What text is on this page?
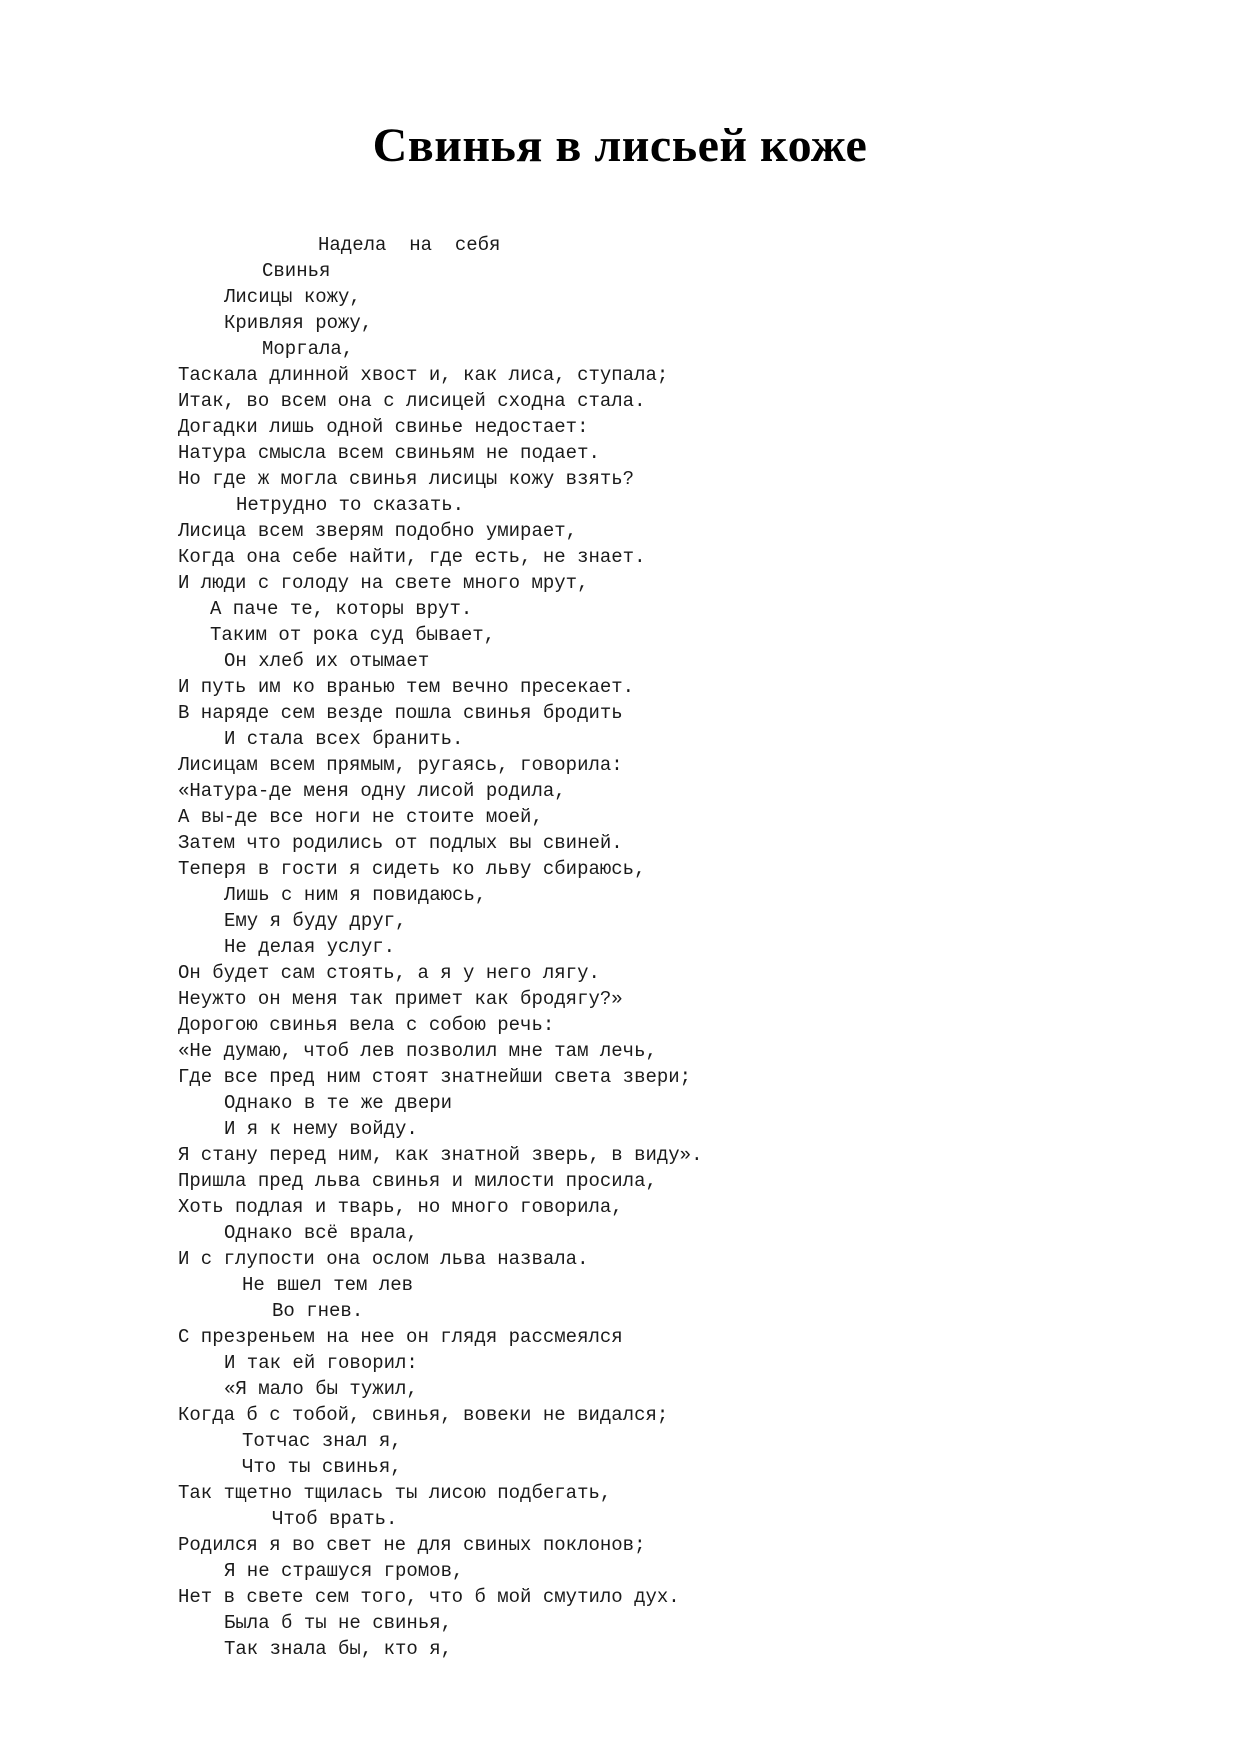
Свинья в лисьей коже
Надела  на  себя
Свинья
Лисицы кожу,
Кривляя рожу,
Моргала,
Таскала длинной хвост и, как лиса, ступала;
Итак, во всем она с лисицей сходна стала.
Догадки лишь одной свинье недостает:
Натура смысла всем свиньям не подает.
Но где ж могла свинья лисицы кожу взять?
Нетрудно то сказать.
Лисица всем зверям подобно умирает,
Когда она себе найти, где есть, не знает.
И люди с голоду на свете много мрут,
А паче те, которы врут.
Таким от рока суд бывает,
Он хлеб их отымает
И путь им ко вранью тем вечно пресекает.
В наряде сем везде пошла свинья бродить
И стала всех бранить.
Лисицам всем прямым, ругаясь, говорила:
«Натура-де меня одну лисой родила,
А вы-де все ноги не стоите моей,
Затем что родились от подлых вы свиней.
Теперя в гости я сидеть ко льву сбираюсь,
Лишь с ним я повидаюсь,
Ему я буду друг,
Не делая услуг.
Он будет сам стоять, а я у него лягу.
Неужто он меня так примет как бродягу?»
Дорогою свинья вела с собою речь:
«Не думаю, чтоб лев позволил мне там лечь,
Где все пред ним стоят знатнейши света звери;
Однако в те же двери
И я к нему войду.
Я стану перед ним, как знатной зверь, в виду».
Пришла пред льва свинья и милости просила,
Хоть подлая и тварь, но много говорила,
Однако всё врала,
И с глупости она ослом льва назвала.
Не вшел тем лев
Во гнев.
С презреньем на нее он глядя рассмеялся
И так ей говорил:
«Я мало бы тужил,
Когда б с тобой, свинья, вовеки не видался;
Тотчас знал я,
Что ты свинья,
Так тщетно тщилась ты лисою подбегать,
Чтоб врать.
Родился я во свет не для свиных поклонов;
Я не страшуся громов,
Нет в свете сем того, что б мой смутило дух.
Была б ты не свинья,
Так знала бы, кто я,
